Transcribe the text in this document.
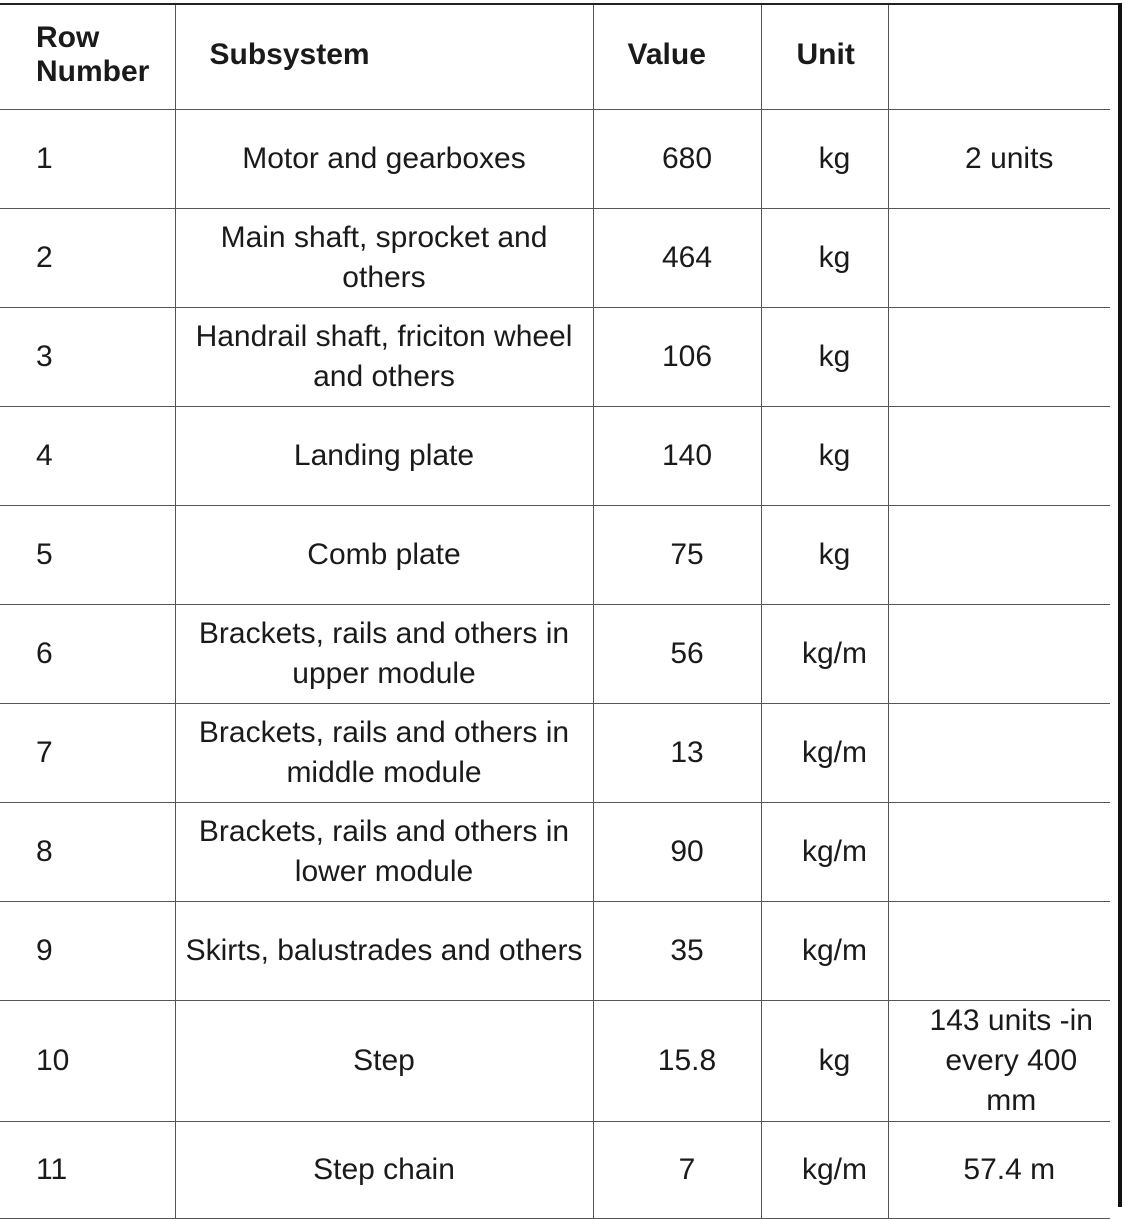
Row Number	Subsystem	Value	Unit	
1	Motor and gearboxes	680	kg	2 units
2	Main shaft, sprocket and others	464	kg	
3	Handrail shaft, friciton wheel and others	106	kg	
4	Landing plate	140	kg	
5	Comb plate	75	kg	
6	Brackets, rails and others in upper module	56	kg/m	
7	Brackets, rails and others in middle module	13	kg/m	
8	Brackets, rails and others in lower module	90	kg/m	
9	Skirts, balustrades and others	35	kg/m	
10	Step	15.8	kg	143 units -in every 400 mm
11	Step chain	7	kg/m	57.4 m
